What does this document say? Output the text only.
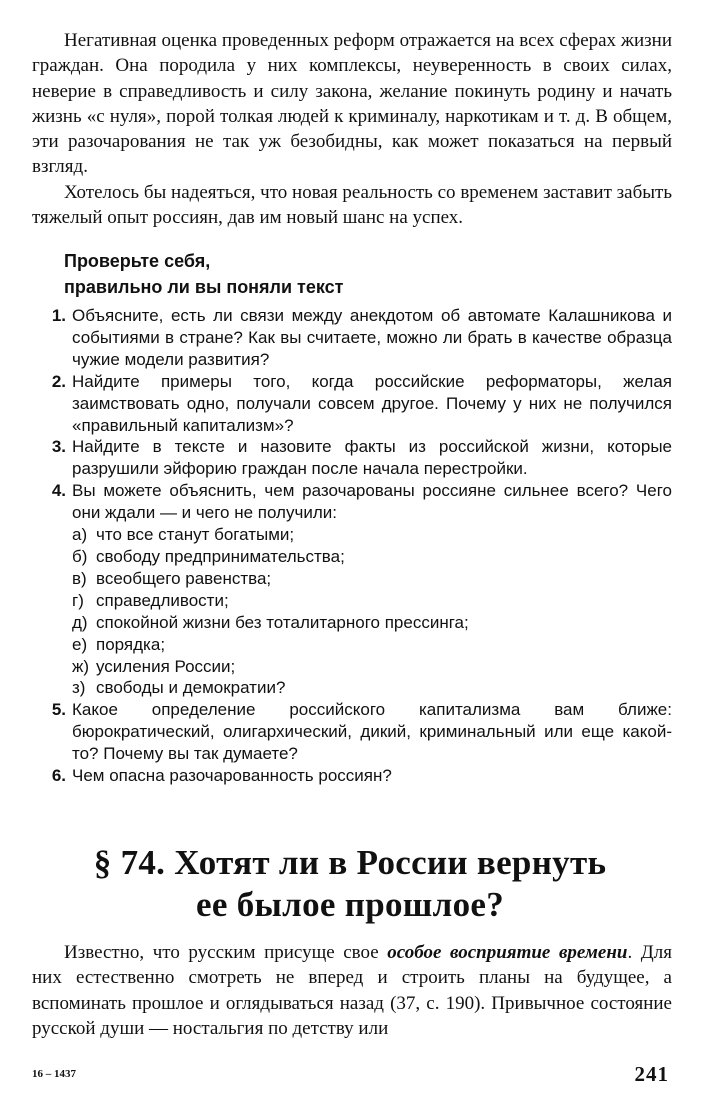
Негативная оценка проведенных реформ отражается на всех сферах жизни граждан. Она породила у них комплексы, неуверенность в своих силах, неверие в справедливость и силу закона, желание покинуть родину и начать жизнь «с нуля», порой толкая людей к криминалу, наркотикам и т. д. В общем, эти разочарования не так уж безобидны, как может показаться на первый взгляд.

Хотелось бы надеяться, что новая реальность со временем заставит забыть тяжелый опыт россиян, дав им новый шанс на успех.

Проверьте себя,
правильно ли вы поняли текст
1. Объясните, есть ли связи между анекдотом об автомате Калашникова и событиями в стране? Как вы считаете, можно ли брать в качестве образца чужие модели развития?
2. Найдите примеры того, когда российские реформаторы, желая заимствовать одно, получали совсем другое. Почему у них не получился «правильный капитализм»?
3. Найдите в тексте и назовите факты из российской жизни, которые разрушили эйфорию граждан после начала перестройки.
4. Вы можете объяснить, чем разочарованы россияне сильнее всего? Чего они ждали — и чего не получили:
а) что все станут богатыми;
б) свободу предпринимательства;
в) всеобщего равенства;
г) справедливости;
д) спокойной жизни без тоталитарного прессинга;
е) порядка;
ж) усиления России;
з) свободы и демократии?
5. Какое определение российского капитализма вам ближе: бюрократический, олигархический, дикий, криминальный или еще какой-то? Почему вы так думаете?
6. Чем опасна разочарованность россиян?
§ 74. Хотят ли в России вернуть
ее былое прошлое?

Известно, что русским присуще свое особое восприятие времени. Для них естественно смотреть не вперед и строить планы на будущее, а вспоминать прошлое и оглядываться назад (37, с. 190). Привычное состояние русской души — ностальгия по детству или

16 – 1437	241
